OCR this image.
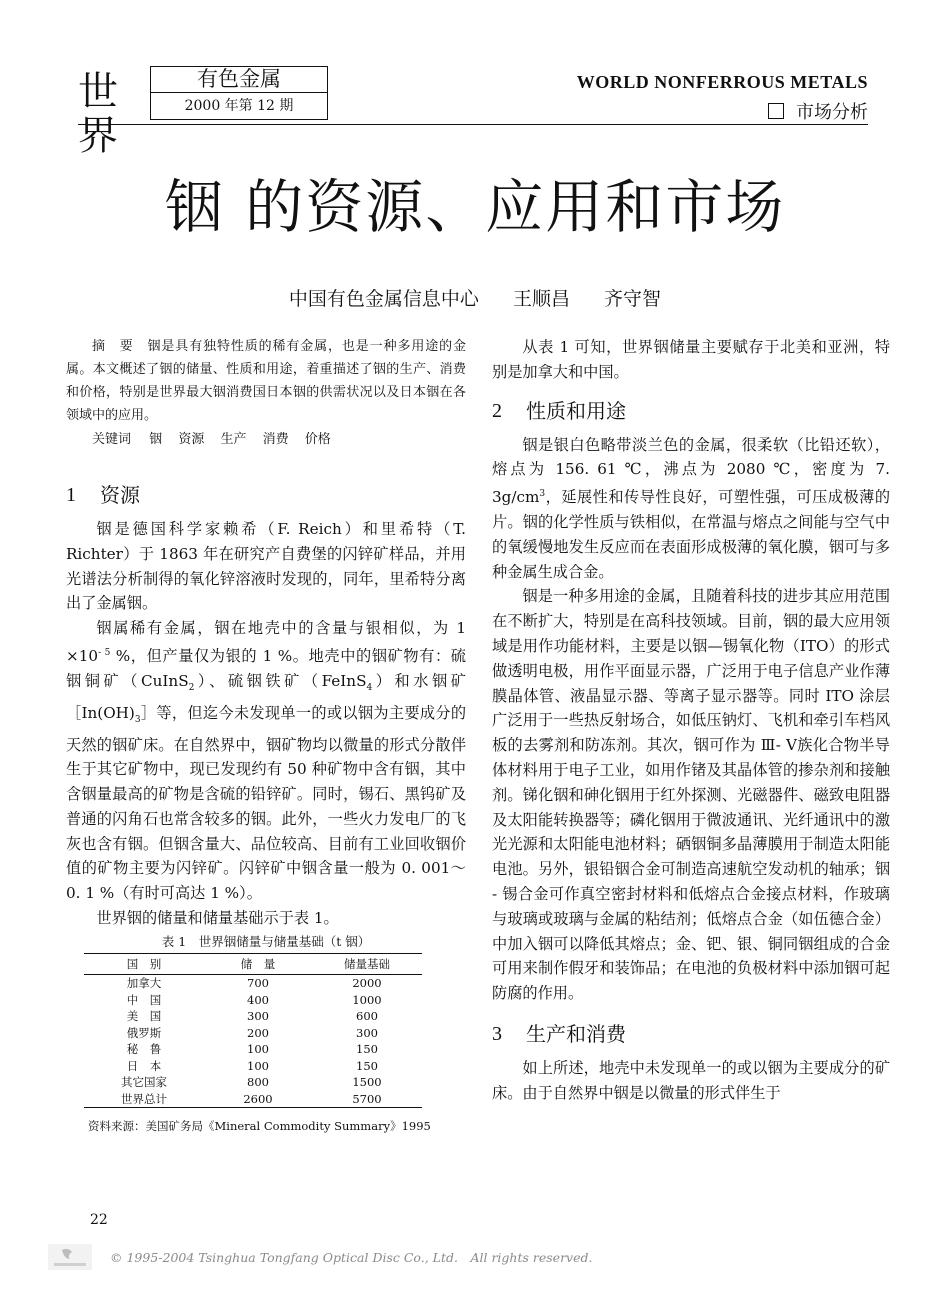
世界
有色金属
2000 年第 12 期
WORLD NONFERROUS METALS
市场分析
铟 的资源、应用和市场
中国有色金属信息中心 王顺昌 齐守智
摘　要　铟是具有独特性质的稀有金属，也是一种多用途的金属。本文概述了铟的储量、性质和用途，着重描述了铟的生产、消费和价格，特别是世界最大铟消费国日本铟的供需状况以及日本铟在各领域中的应用。
关键词 铟 资源 生产 消费 价格
1	资源

铟是德国科学家赖希（F. Reich）和里希特（T. Richter）于 1863 年在研究产自费堡的闪锌矿样品，并用光谱法分析制得的氧化锌溶液时发现的，同年，里希特分离出了金属铟。

铟属稀有金属，铟在地壳中的含量与银相似，为 $1 \times 10^{- 5}$ %，但产量仅为银的 1 %。地壳中的铟矿物有：硫铟铜矿（CuInS$_2$）、硫铟铁矿（FeInS$_4$）和水铟矿$[In(OH)_3]$等，但迄今未发现单一的或以铟为主要成分的天然的铟矿床。在自然界中，铟矿物均以微量的形式分散伴生于其它矿物中，现已发现约有 50 种矿物中含有铟，其中含铟量最高的矿物是含硫的铅锌矿。同时，锡石、黑钨矿及普通的闪角石也常含较多的铟。此外，一些火力发电厂的飞灰也含有铟。但铟含量大、品位较高、目前有工业回收铟价值的矿物主要为闪锌矿。闪锌矿中铟含量一般为 0. 001～0. 1 %（有时可高达 1 %）。

世界铟的储量和储量基础示于表 1。

表 1　世界铟储量与储量基础（t 铟）
国　别	储　量	储量基础
加拿大	700	2000
中　国	400	1000
美　国	300	600
俄罗斯	200	300
秘　鲁	100	150
日　本	100	150
其它国家	800	1500
世界总计	2600	5700
资料来源：美国矿务局《Mineral Commodity Summary》1995

从表 1 可知，世界铟储量主要赋存于北美和亚洲，特别是加拿大和中国。

2	性质和用途

铟是银白色略带淡兰色的金属，很柔软（比铅还软），熔点为 156. 61 ℃，沸点为 2080 ℃，密度为 7. $3g/cm^3$，延展性和传导性良好，可塑性强，可压成极薄的片。铟的化学性质与铁相似，在常温与熔点之间能与空气中的氧缓慢地发生反应而在表面形成极薄的氧化膜，铟可与多种金属生成合金。

铟是一种多用途的金属，且随着科技的进步其应用范围在不断扩大，特别是在高科技领域。目前，铟的最大应用领域是用作功能材料，主要是以铟—锡氧化物（ITO）的形式做透明电极，用作平面显示器，广泛用于电子信息产业作薄膜晶体管、液晶显示器、等离子显示器等。同时 ITO 涂层广泛用于一些热反射场合，如低压钠灯、飞机和牵引车档风板的去雾剂和防冻剂。其次，铟可作为 Ⅲ- Ⅴ族化合物半导体材料用于电子工业，如用作锗及其晶体管的掺杂剂和接触剂。锑化铟和砷化铟用于红外探测、光磁器件、磁致电阻器及太阳能转换器等；磷化铟用于微波通讯、光纤通讯中的激光光源和太阳能电池材料；硒铟铜多晶薄膜用于制造太阳能电池。另外，银铅铟合金可制造高速航空发动机的轴承；铟 - 锡合金可作真空密封材料和低熔点合金接点材料，作玻璃与玻璃或玻璃与金属的粘结剂；低熔点合金（如伍德合金）中加入铟可以降低其熔点；金、钯、银、铜同铟组成的合金可用来制作假牙和装饰品；在电池的负极材料中添加铟可起防腐的作用。

3	生产和消费

如上所述，地壳中未发现单一的或以铟为主要成分的矿床。由于自然界中铟是以微量的形式伴生于

22
© 1995-2004 Tsinghua Tongfang Optical Disc Co., Ltd.　All rights reserved.
